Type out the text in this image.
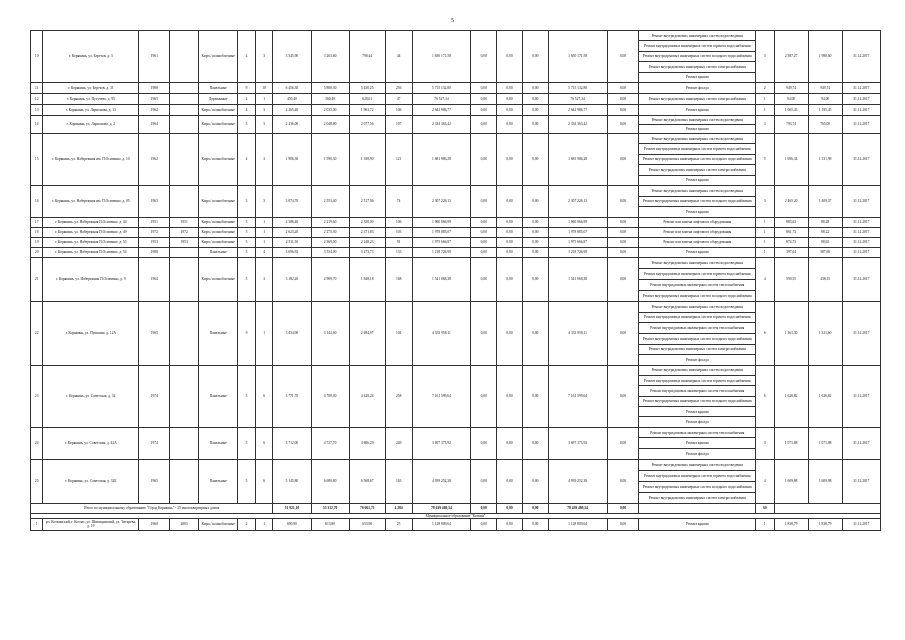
5
10	г. Корякинь, ул. Березов, д. 3	1961		Кирп./ шлакоблочные	4	3	3 545,90	3 203,60	790,44	44	1 650 171,58	0,00	0,00	0,00	1 650 171,58	0,00	Ремонт внутридомовых инженерных систем водоотведения	3	2 587,27	1 980,60	31.12.2017
																	Ремонт внутридомовых инженерных систем горячего водоснабжения				
																	Ремонт внутридомовых инженерных систем холодного водоснабжения				
																	Ремонт внутридомовых инженерных систем электроснабжения				
																	Ремонт крыши				
11	г. Корякинь, ул. Березов, д. 31	1980		Панельные	9	10	6 456,30	5 880,30	5 430,25	256	5 715 132,80	0,00	0,00	0,00	5 715 132,80	0,00	Ремонт фасада	2	949,74	949,74	31.12.2017
12	г. Корякинь, ул. Пугучева, д. 95	1965		Деревянные	2	1	450,40	360,40	620,61	47	76 527,34	0,00	0,00	0,00	76 527,34	0,00	Ремонт внутридомовых инженерных систем электроснабжения	1	94,00	94,00	31.12.2017
13	г. Корякинь, ул. Ларионова, д. 13	1962		Кирп./ шлакоблочные	4	3	2 265,40	2 035,00	1 963,72	106	2 642 986,77	0,00	0,00	0,00	2 642 986,77	0,00	Ремонт крыши	1	1 065,43	1 195,45	31.12.2017
14	г. Корякинь, ул. Ларионова, д. 2	1964		Кирп./ шлакоблочные	5	3	2 236,00	2 048,80	2 077,56	107	2 334 363,42	0,00	0,00	0,00	2 334 363,42	0,00	Ремонт внутридомовых инженерных систем водоотведения	3	793,74	765,00	31.12.2017
																	Ремонт крыши				
15	г. Корякинь, ул. Набережная им. П.Осипенко, д. 10	1962		Кирп./ шлакоблочные	4	3	1 986,30	1 590,30	1 358,90	121	1 681 986,28	0,00	0,00	0,00	1 681 986,28	0,00	Ремонт внутридомовых инженерных систем водоотведения	5	1 696,34	1 131,99	31.12.2017
																	Ремонт внутридомовых инженерных систем горячего водоснабжения				
																	Ремонт внутридомовых инженерных систем холодного водоснабжения				
																	Ремонт внутридомовых инженерных систем электроснабжения				
																	Ремонт крыши				
16	г. Корякинь, ул. Набережная им. П.Осипенко, д. 05	1963		Кирп./ шлакоблочные	3	3	3 074,70	2 553,40	2 517,06	74	2 307 226,13	0,00	0,00	0,00	2 307 226,13	0,00	Ремонт внутридомовых инженерных систем водоотведения	3	2 465,20	1 409,37	31.12.2017
																	Ремонт внутридомовых инженерных систем холодного водоснабжения				
																	Ремонт крыши				
17	г. Корякинь, ул. Набережная П.Осипенко, д. 44	1951	1951	Кирп./ шлакоблочные	5	1	2 386,40	2 219,60	2 358,00	106	1 960 066,99	0,00	0,00	0,00	1 960 066,99	0,00	Ремонт или замена лифтового оборудования	1	883,63	88,28	31.12.2017
18	г. Корякинь, ул. Набережная П.Осипенко, д. 49	1972	1972	Кирп./ шлакоблочные	5	1	2 623,20	2 275,30	2 371,83	103	1 978 885,07	0,00	0,00	0,00	1 978 885,07	0,00	Ремонт или замена лифтового оборудования	1	861,73	88,22	31.12.2017
19	г. Корякинь, ул. Набережная П.Осипенко, д. 53	1953	1953	Кирп./ шлакоблочные	5	1	2 511,50	2 369,00	2 248,23	91	1 975 666,87	0,00	0,00	0,00	1 975 666,87	0,00	Ремонт или замена лифтового оборудования	1	874,73	88,63	31.12.2017
20	г. Корякинь, ул. Набережная П.Осипенко, д. 54	1988		Панельные	5	4	3 696,92	3 554,00	3 273,73	133	1 218 726,99	0,00	0,00	0,00	1 218 726,99	0,00	Ремонт крыши	1	397,64	387,68	31.12.2017
21	г. Корякинь, ул. Набережная П.Осипенко, д. 9	1964		Кирп./ шлакоблочные	5	3	3 182,20	2 989,70	1 848,18	168	1 541 068,38	0,00	0,00	0,00	1 541 068,38	0,00	Ремонт внутридомовых инженерных систем водоотведения	4	590,55	438,15	31.12.2017
																	Ремонт внутридомовых инженерных систем горячего водоснабжения				
																	Ремонт внутридомовых инженерных систем теплоснабжения				
																	Ремонт внутридомовых инженерных систем холодного водоснабжения				
22	г. Корякинь, ул. Пушкина, д. 12А	1965		Панельные	9	1	3 434,90	3 142,60	2 694,97	104	4 333 958,11	0,00	0,00	0,00	4 333 958,11	0,00	Ремонт внутридомовых инженерных систем водоотведения	6	1 361,30	1 321,60	31.12.2017
																	Ремонт внутридомовых инженерных систем горячего водоснабжения				
																	Ремонт внутридомовых инженерных систем теплоснабжения				
																	Ремонт внутридомовых инженерных систем холодного водоснабжения				
																	Ремонт внутридомовых инженерных систем электроснабжения				
																	Ремонт фасада				
23	г. Корякинь, ул. Советская, д. 32	1974		Панельные	5	6	3 771,70	4 700,30	4 428,24	258	7 161 599,64	0,00	0,00	0,00	7 161 599,64	0,00	Ремонт внутридомовых инженерных систем водоотведения	6	1 626,82	1 626,82	31.12.2017
																	Ремонт внутридомовых инженерных систем горячего водоснабжения				
																	Ремонт внутридомовых инженерных систем теплоснабжения				
																	Ремонт внутридомовых инженерных систем холодного водоснабжения				
																	Ремонт крыши				
																	Ремонт фасада				
24	г. Корякинь, ул. Советская, д. 42А	1974		Панельные	5	6	3 712,00	4 727,70	4 686,29	249	3 697 373,92	0,00	0,00	0,00	3 697 373,92	0,00	Ремонт внутридомовых инженерных систем теплоснабжения	3	1 071,88	1 071,88	31.12.2017
																	Ремонт крыши				
																	Ремонт фасада				
25	г. Корякинь, ул. Советская, д. 32Б	1965		Панельные	5	6	5 145,80	6 680,80	6 568,67	163	4 939 252,38	0,00	0,00	0,00	4 939 252,38	0,00	Ремонт внутридомовых инженерных систем водоотведения	4	1 609,98	1 609,98	31.12.2017
																	Ремонт внутридомовых инженерных систем горячего водоснабжения				
																	Ремонт внутридомовых инженерных систем холодного водоснабжения				
																	Ремонт внутридомовых инженерных систем электроснабжения				
Итого по муниципальному образованию "Город Корякинь" - 25 многоквартирных домов							51 921,10	53 312,70	76 661,75	4 284	78 439 469,54	0,00	0,00	0,00	78 439 469,54	0,00		60			
Муниципальное образование "Коткин"																					
1	рп. Коткинский, г. Котлас, ул. Шипицинский, ул. Титарева, д. 19	1960	2005	Кирп./ шлакоблочные	2	1	690,90	613,80	653,90	25	1 128 809,64	0,00	0,00	0,00	1 128 809,64	0,00	Ремонт крыши	1	1 838,79	1 838,79	31.12.2017
